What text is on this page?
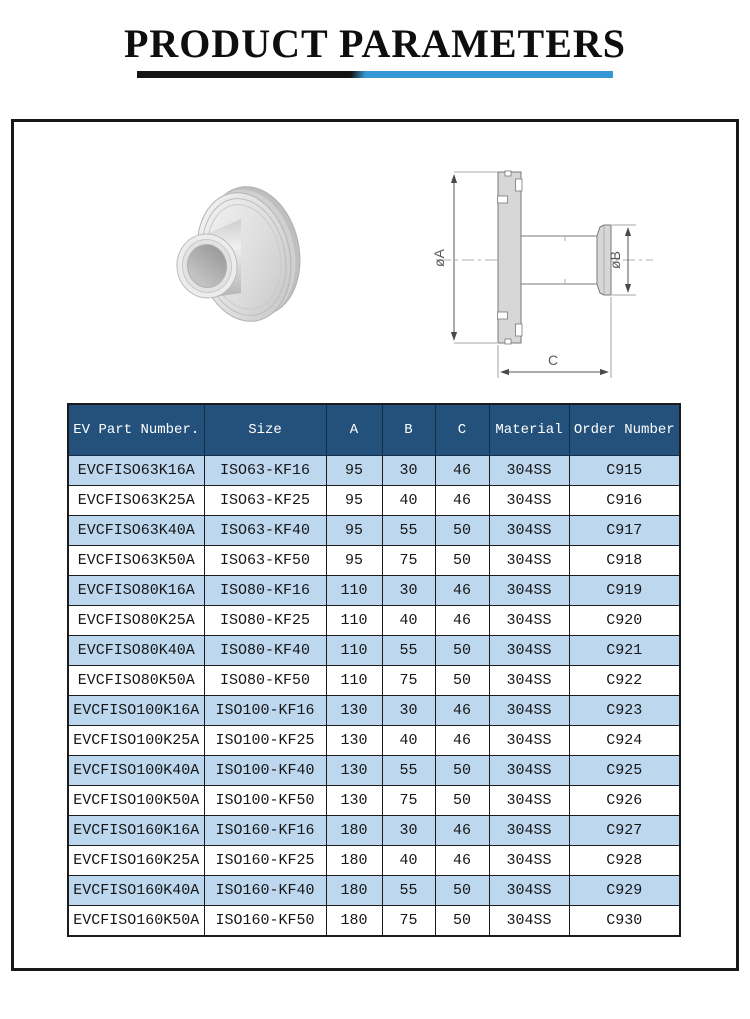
PRODUCT PARAMETERS
øA	øB
C
EV Part Number.	Size	A	B	C	Material	Order Number
EVCFISO63K16A	ISO63-KF16	95	30	46	304SS	C915
EVCFISO63K25A	ISO63-KF25	95	40	46	304SS	C916
EVCFISO63K40A	ISO63-KF40	95	55	50	304SS	C917
EVCFISO63K50A	ISO63-KF50	95	75	50	304SS	C918
EVCFISO80K16A	ISO80-KF16	110	30	46	304SS	C919
EVCFISO80K25A	ISO80-KF25	110	40	46	304SS	C920
EVCFISO80K40A	ISO80-KF40	110	55	50	304SS	C921
EVCFISO80K50A	ISO80-KF50	110	75	50	304SS	C922
EVCFISO100K16A	ISO100-KF16	130	30	46	304SS	C923
EVCFISO100K25A	ISO100-KF25	130	40	46	304SS	C924
EVCFISO100K40A	ISO100-KF40	130	55	50	304SS	C925
EVCFISO100K50A	ISO100-KF50	130	75	50	304SS	C926
EVCFISO160K16A	ISO160-KF16	180	30	46	304SS	C927
EVCFISO160K25A	ISO160-KF25	180	40	46	304SS	C928
EVCFISO160K40A	ISO160-KF40	180	55	50	304SS	C929
EVCFISO160K50A	ISO160-KF50	180	75	50	304SS	C930
